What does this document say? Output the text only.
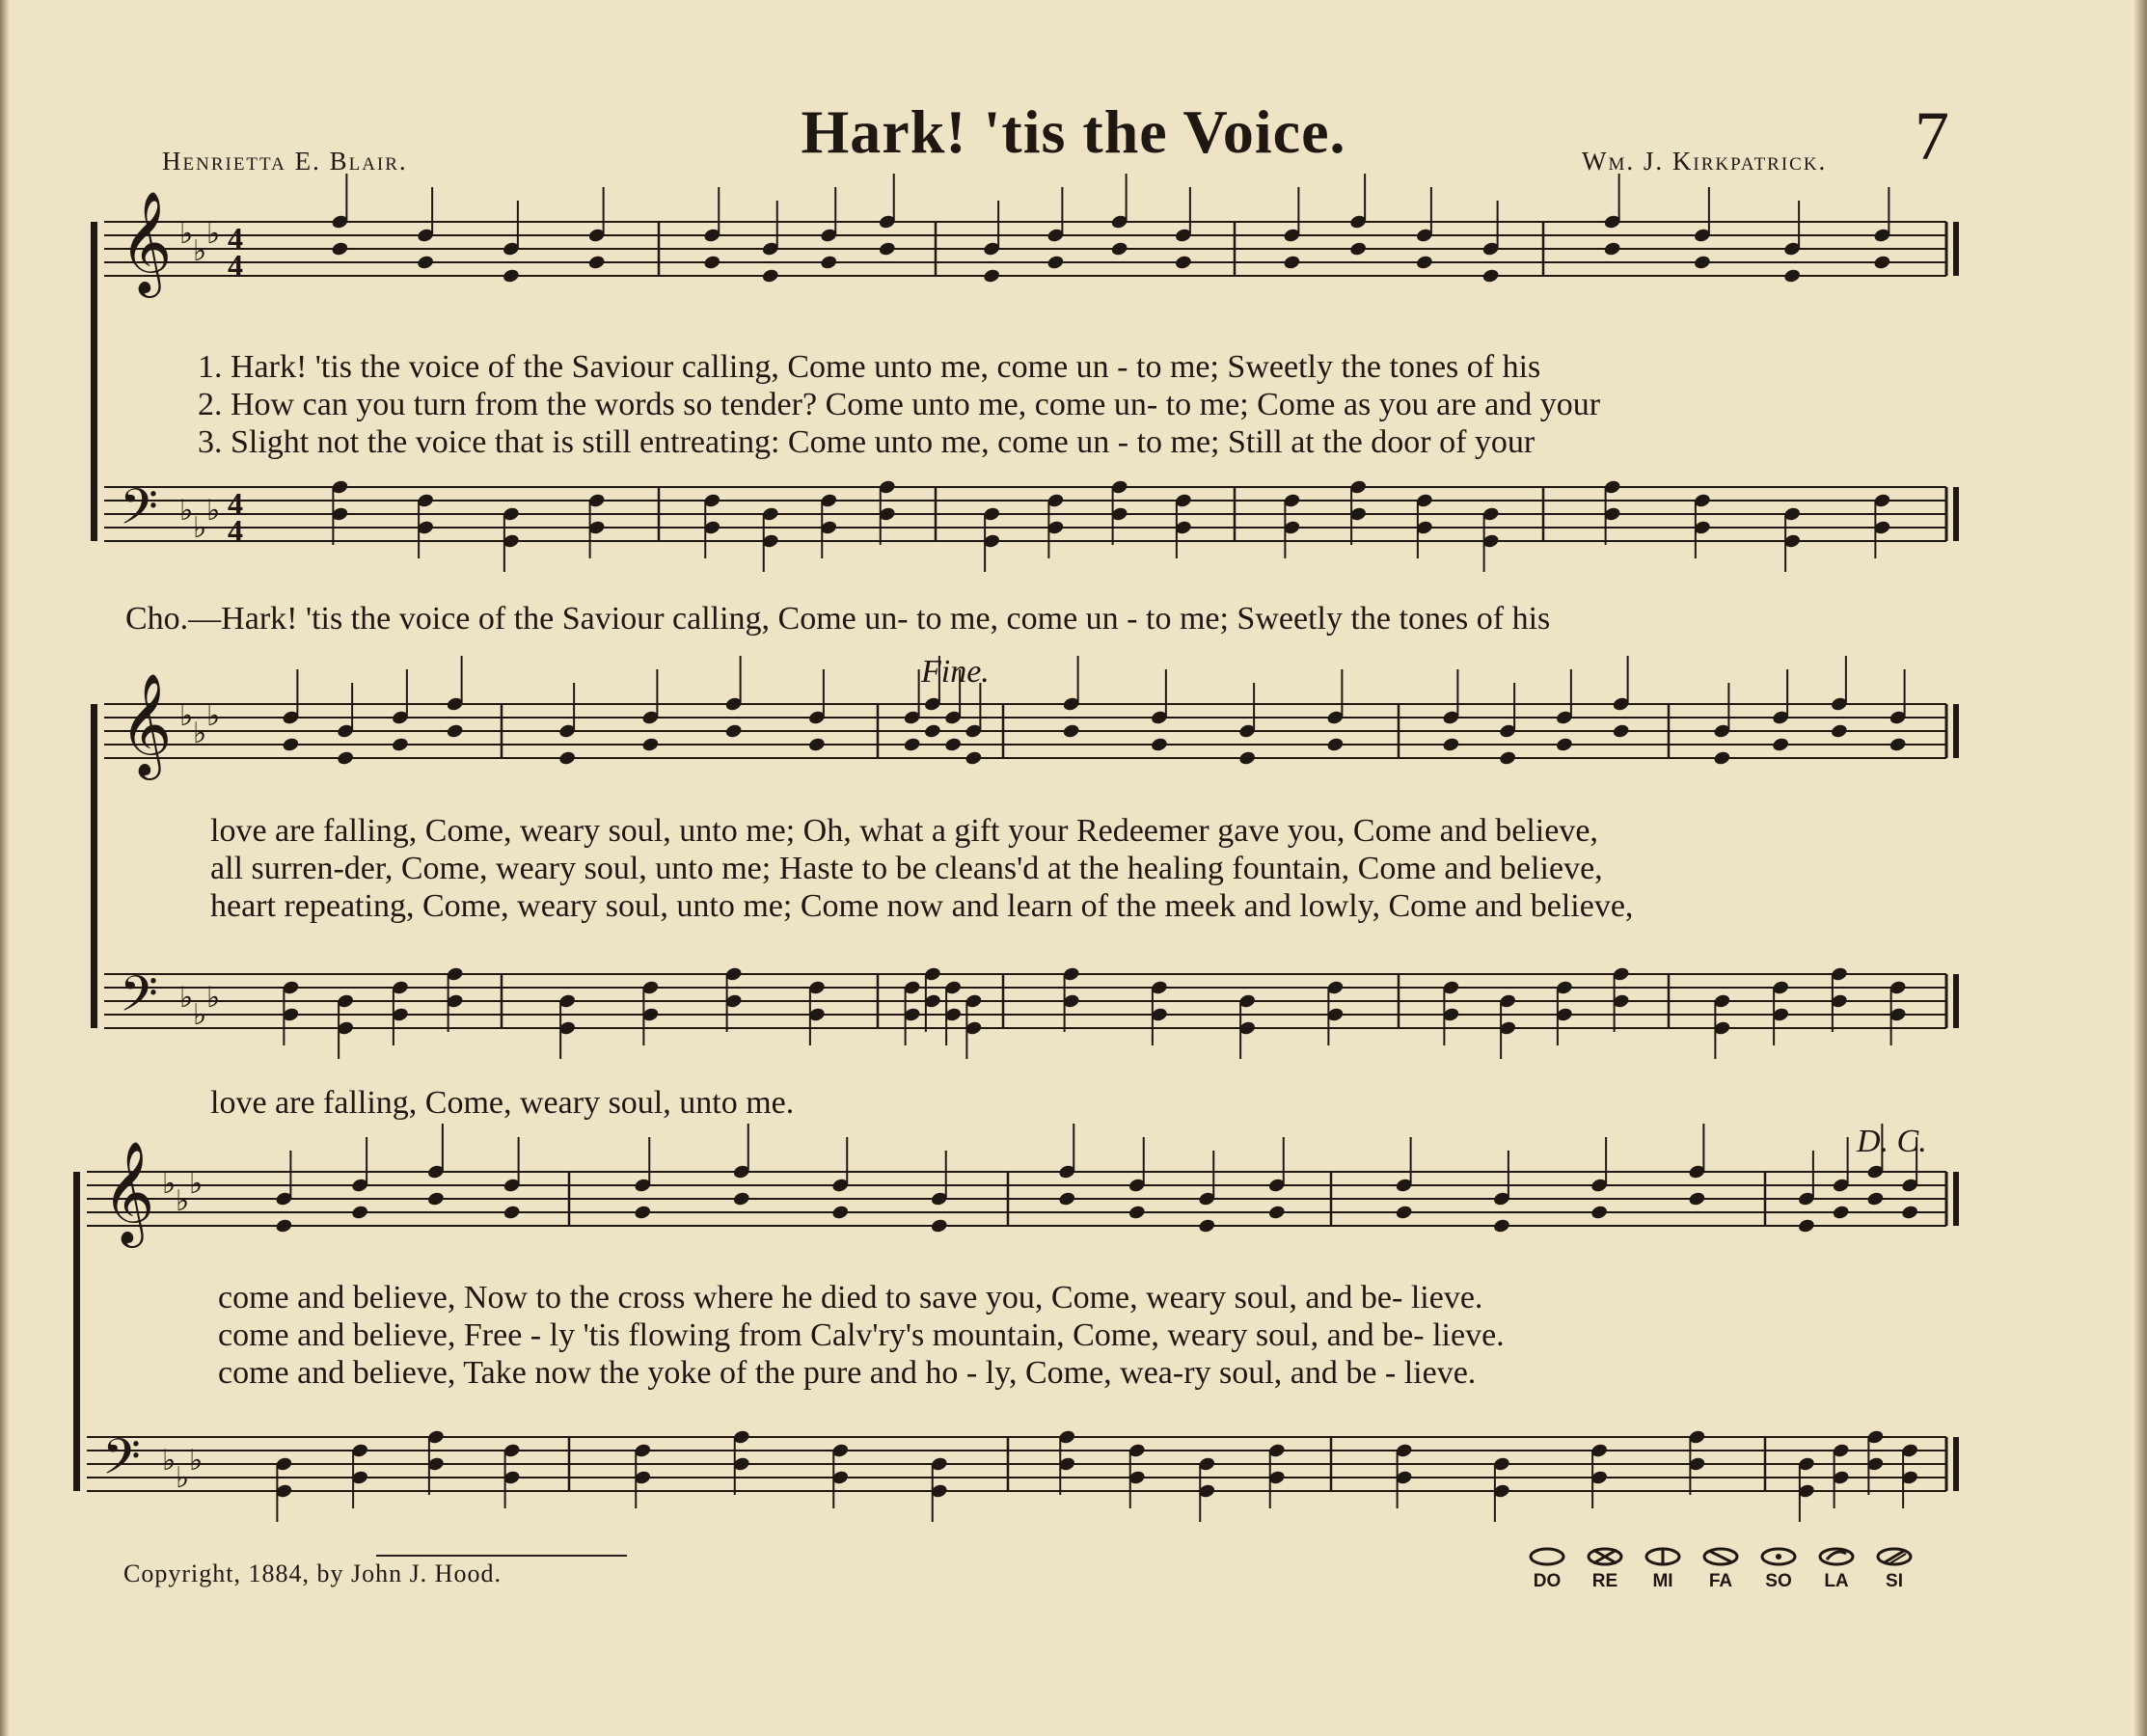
Hark! 'tis the Voice.
Henrietta E. Blair.	Wm. J. Kirkpatrick. 7
𝄞 ♭
♭
♭ 4
4
𝄢 ♭
♭
♭ 4
4
𝄞 ♭
♭
♭
𝄢 ♭
♭
♭
𝄞 ♭
♭
♭
𝄢 ♭
♭
♭
1. Hark! 'tis the voice of the Saviour calling, Come unto me, come un - to me; Sweetly the tones of his
2. How can you turn from the words so tender? Come unto me, come un- to me; Come as you are and your
3. Slight not the voice that is still entreating: Come unto me, come un - to me; Still at the door of your
Cho.—Hark! 'tis the voice of the Saviour calling, Come un- to me, come un - to me; Sweetly the tones of his
Fine.
love are falling, Come, weary soul, unto me; Oh, what a gift your Redeemer gave you, Come and believe,
all surren-der, Come, weary soul, unto me; Haste to be cleans'd at the healing fountain, Come and believe,
heart repeating, Come, weary soul, unto me; Come now and learn of the meek and lowly, Come and believe,
love are falling, Come, weary soul, unto me.
D. C.
come and believe, Now to the cross where he died to save you, Come, weary soul, and be- lieve.
come and believe, Free - ly 'tis flowing from Calv'ry's mountain, Come, weary soul, and be- lieve.
come and believe, Take now the yoke of the pure and ho - ly, Come, wea-ry soul, and be - lieve.
Copyright, 1884, by John J. Hood.	DO	RE	MI	FA	SO	LA	SI
